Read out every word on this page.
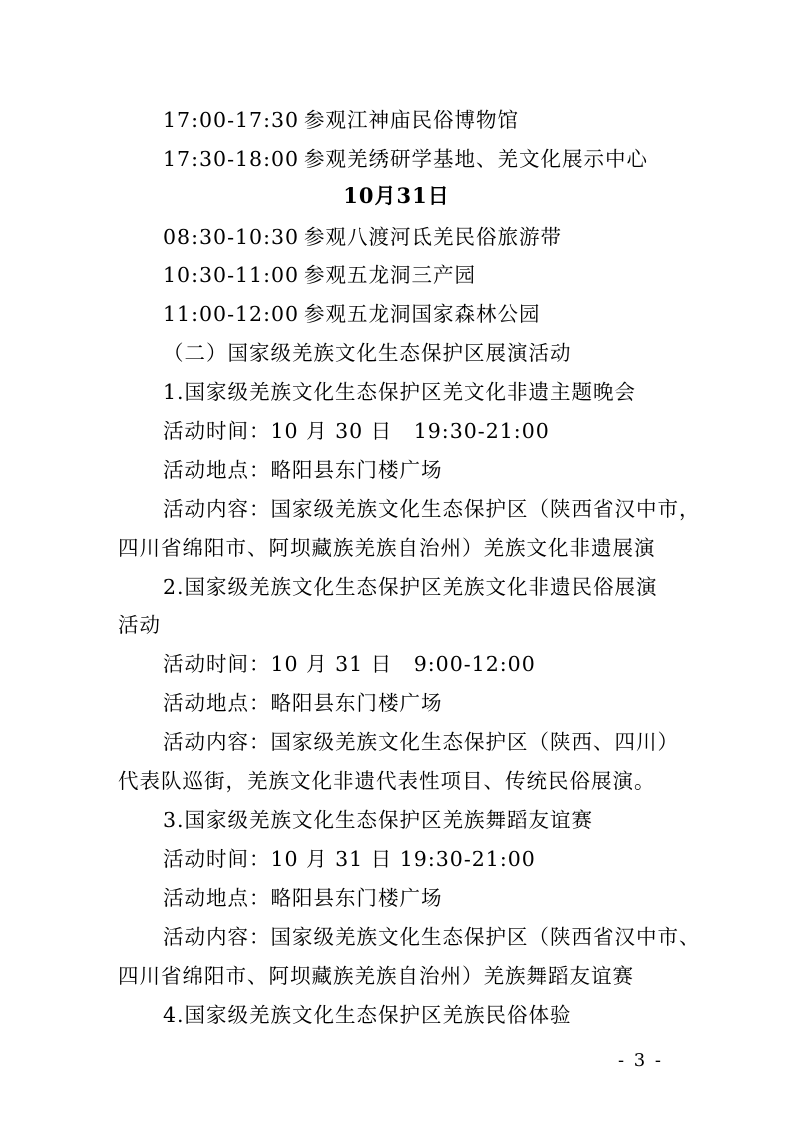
17:00-17:30 参观江神庙民俗博物馆
17:30-18:00 参观羌绣研学基地、羌文化展示中心
10月31日
08:30-10:30 参观八渡河氐羌民俗旅游带
10:30-11:00 参观五龙洞三产园
11:00-12:00 参观五龙洞国家森林公园
（二）国家级羌族文化生态保护区展演活动
1.国家级羌族文化生态保护区羌文化非遗主题晚会
活动时间：10 月 30 日　19:30-21:00
活动地点：略阳县东门楼广场
活动内容：国家级羌族文化生态保护区（陕西省汉中市，
四川省绵阳市、阿坝藏族羌族自治州）羌族文化非遗展演
2.国家级羌族文化生态保护区羌族文化非遗民俗展演
活动
活动时间：10 月 31 日　9:00-12:00
活动地点：略阳县东门楼广场
活动内容：国家级羌族文化生态保护区（陕西、四川）
代表队巡街，羌族文化非遗代表性项目、传统民俗展演。
3.国家级羌族文化生态保护区羌族舞蹈友谊赛
活动时间：10 月 31 日 19:30-21:00
活动地点：略阳县东门楼广场
活动内容：国家级羌族文化生态保护区（陕西省汉中市、
四川省绵阳市、阿坝藏族羌族自治州）羌族舞蹈友谊赛
4.国家级羌族文化生态保护区羌族民俗体验
- 3 -
